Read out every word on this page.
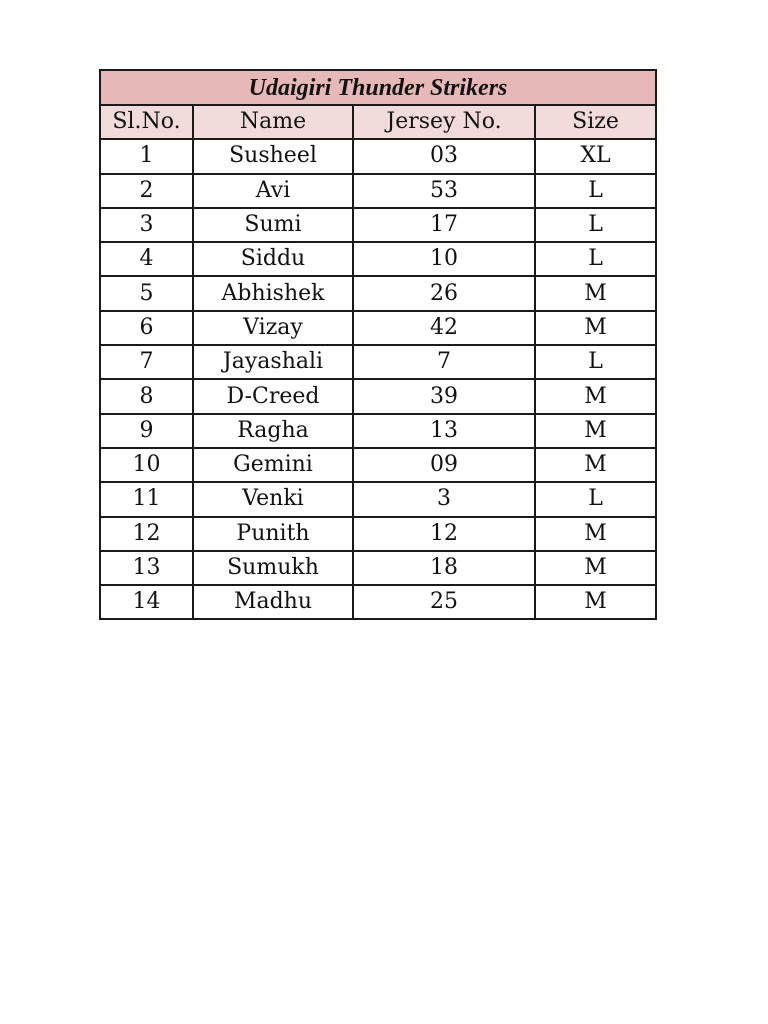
Udaigiri Thunder Strikers			
Sl.No.	Name	Jersey No.	Size
1	Susheel	03	XL
2	Avi	53	L
3	Sumi	17	L
4	Siddu	10	L
5	Abhishek	26	M
6	Vizay	42	M
7	Jayashali	7	L
8	D-Creed	39	M
9	Ragha	13	M
10	Gemini	09	M
11	Venki	3	L
12	Punith	12	M
13	Sumukh	18	M
14	Madhu	25	M
